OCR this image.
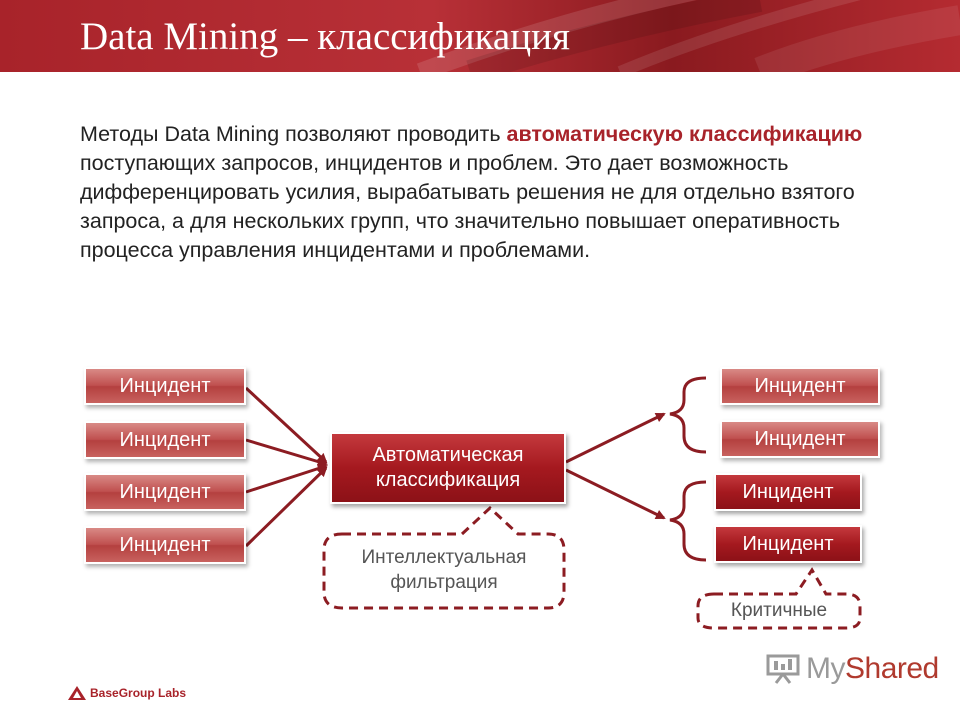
Data Mining – классификация

Методы Data Mining позволяют проводить автоматическую классификацию поступающих запросов, инцидентов и проблем. Это дает возможность дифференцировать усилия, вырабатывать решения не для отдельно взятого запроса, а для нескольких групп, что значительно повышает оперативность процесса управления инцидентами и проблемами.

Инцидент
Инцидент
Инцидент
Инцидент
Автоматическая классификация
Интеллектуальная фильтрация
Инцидент
Инцидент
Инцидент
Инцидент
Критичные
BaseGroup Labs
MyShared
